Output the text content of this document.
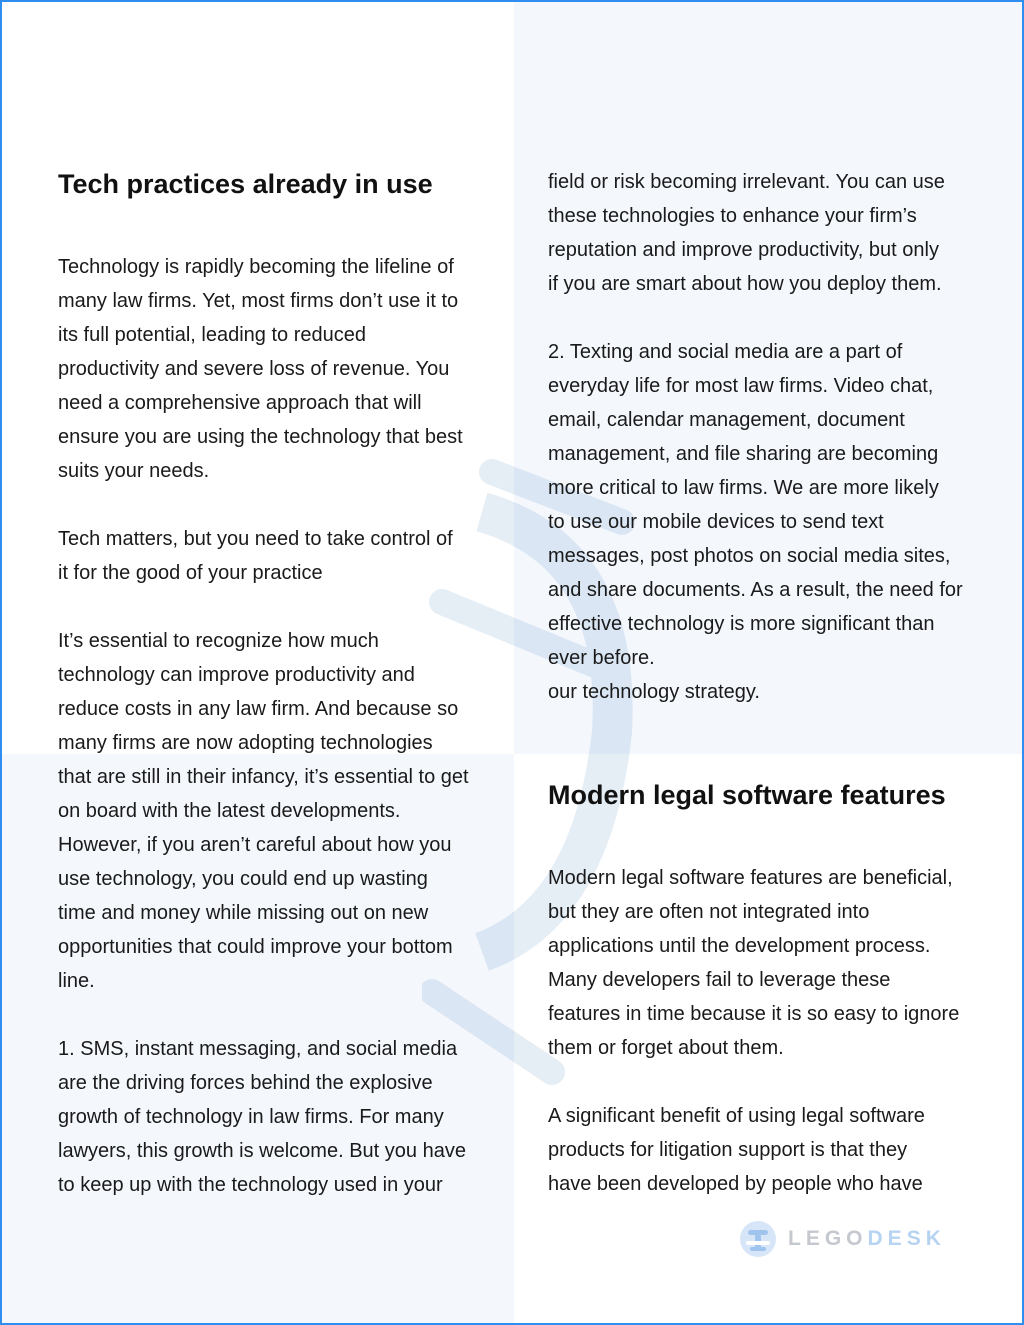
Tech practices already in use

Technology is rapidly becoming the lifeline of
many law firms. Yet, most firms don’t use it to
its full potential, leading to reduced
productivity and severe loss of revenue. You
need a comprehensive approach that will
ensure you are using the technology that best
suits your needs.

Tech matters, but you need to take control of
it for the good of your practice

It’s essential to recognize how much
technology can improve productivity and
reduce costs in any law firm. And because so
many firms are now adopting technologies
that are still in their infancy, it’s essential to get
on board with the latest developments.
However, if you aren’t careful about how you
use technology, you could end up wasting
time and money while missing out on new
opportunities that could improve your bottom
line.

1. SMS, instant messaging, and social media
are the driving forces behind the explosive
growth of technology in law firms. For many
lawyers, this growth is welcome. But you have
to keep up with the technology used in your

field or risk becoming irrelevant. You can use
these technologies to enhance your firm’s
reputation and improve productivity, but only
if you are smart about how you deploy them.

2. Texting and social media are a part of
everyday life for most law firms. Video chat,
email, calendar management, document
management, and file sharing are becoming
more critical to law firms. We are more likely
to use our mobile devices to send text
messages, post photos on social media sites,
and share documents. As a result, the need for
effective technology is more significant than
ever before.
our technology strategy.

Modern legal software features

Modern legal software features are beneficial,
but they are often not integrated into
applications until the development process.
Many developers fail to leverage these
features in time because it is so easy to ignore
them or forget about them.

A significant benefit of using legal software
products for litigation support is that they
have been developed by people who have

LEGODESK
